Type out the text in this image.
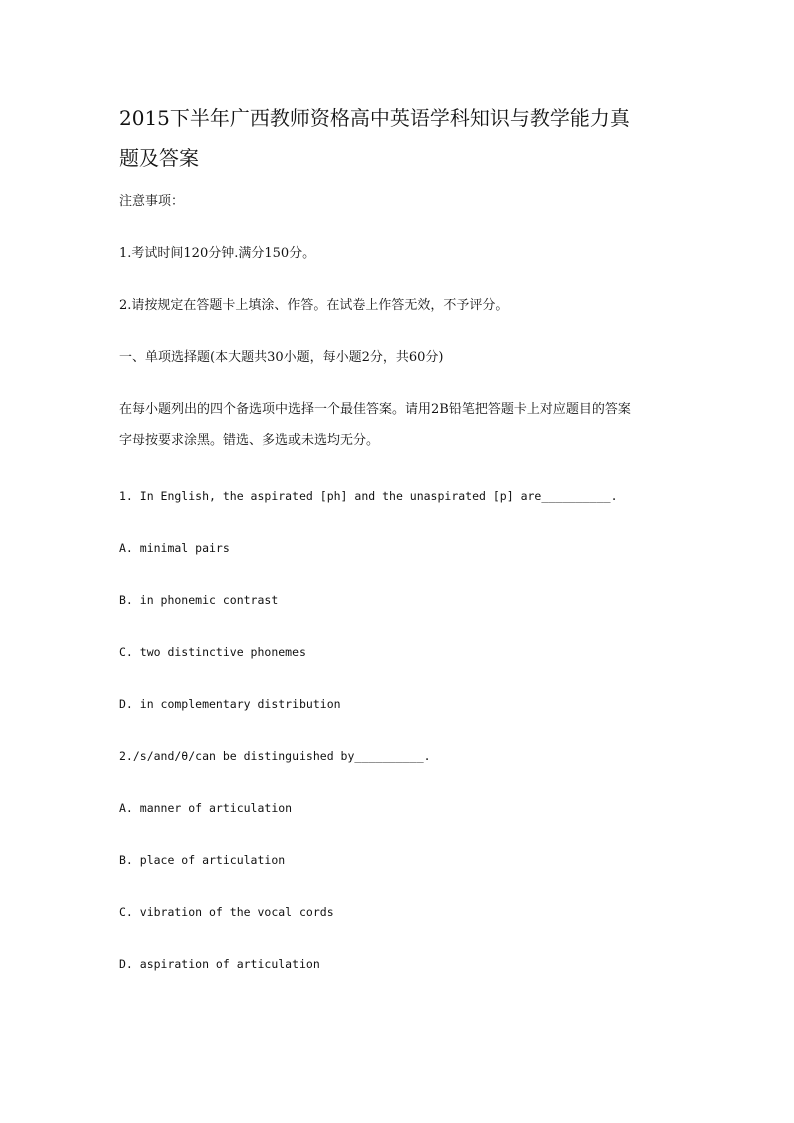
2015下半年广西教师资格高中英语学科知识与教学能力真
题及答案

注意事项：

1.考试时间120分钟.满分150分。

2.请按规定在答题卡上填涂、作答。在试卷上作答无效，不予评分。

一、单项选择题(本大题共30小题，每小题2分，共60分)

在每小题列出的四个备选项中选择一个最佳答案。请用2B铅笔把答题卡上对应题目的答案

字母按要求涂黑。错选、多选或未选均无分。

1. In English, the aspirated [ph] and the unaspirated [p] are__________.

A. minimal pairs

B. in phonemic contrast

C. two distinctive phonemes

D. in complementary distribution

2./s/and/θ/can be distinguished by__________.

A. manner of articulation

B. place of articulation

C. vibration of the vocal cords

D. aspiration of articulation
